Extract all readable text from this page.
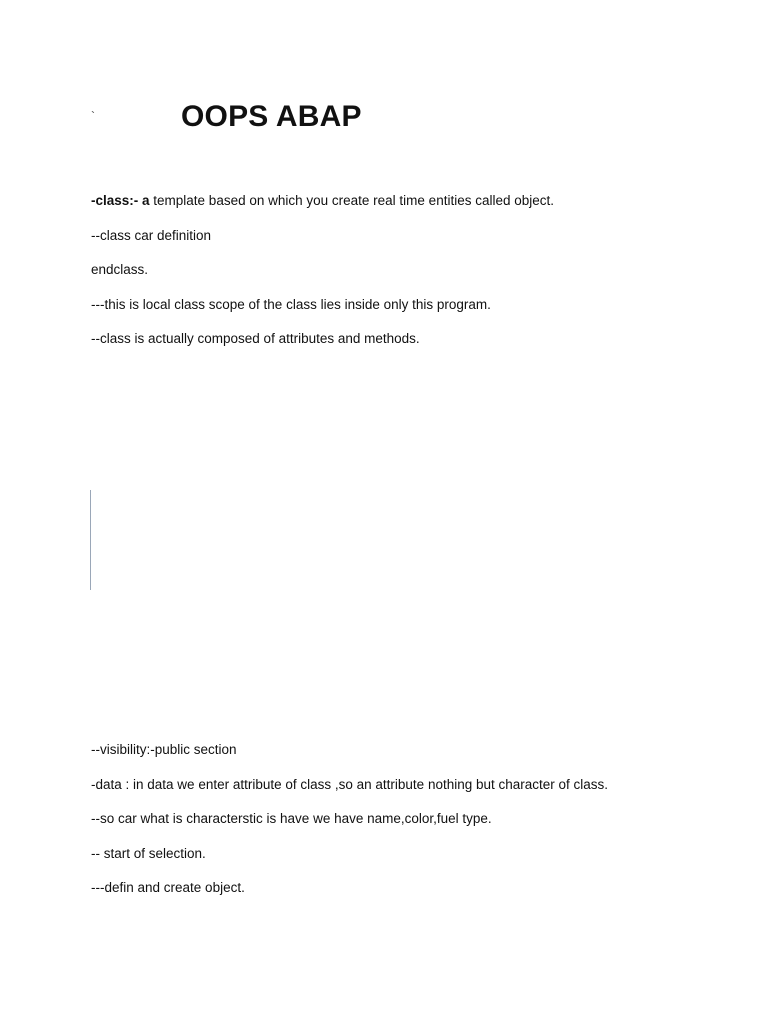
`	OOPS ABAP

-class:- a template based on which you create real time entities called object.

--class car definition

endclass.

---this is local class scope of the class lies inside only this program.

--class is actually composed of attributes and methods.

--visibility:-public section

-data : in data we enter attribute of class ,so an attribute nothing but character of class.

--so car what is characterstic is have we have name,color,fuel type.

-- start of selection.

---defin and create object.
